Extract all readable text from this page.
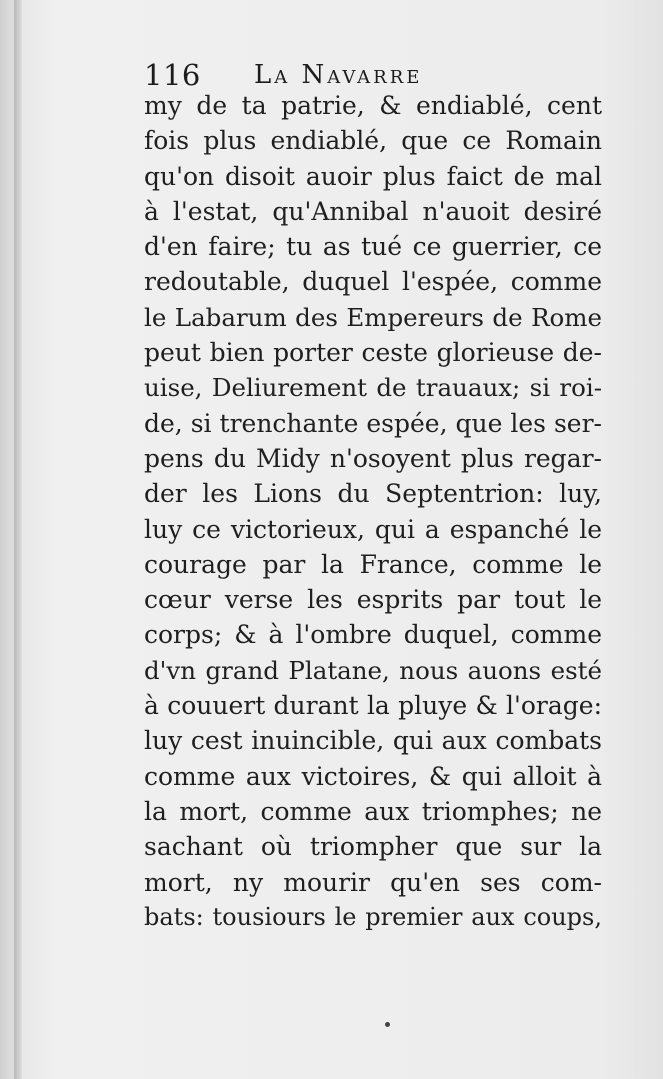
116 La Navarre
my de ta patrie, & endiablé, cent
fois plus endiablé, que ce Romain
qu'on disoit auoir plus faict de mal
à l'estat, qu'Annibal n'auoit desiré
d'en faire; tu as tué ce guerrier, ce
redoutable, duquel l'espée, comme
le Labarum des Empereurs de Rome
peut bien porter ceste glorieuse de-
uise, Deliurement de trauaux; si roi-
de, si trenchante espée, que les ser-
pens du Midy n'osoyent plus regar-
der les Lions du Septentrion: luy,
luy ce victorieux, qui a espanché le
courage par la France, comme le
cœur verse les esprits par tout le
corps; & à l'ombre duquel, comme
d'vn grand Platane, nous auons esté
à couuert durant la pluye & l'orage:
luy cest inuincible, qui aux combats
comme aux victoires, & qui alloit à
la mort, comme aux triomphes; ne
sachant où triompher que sur la
mort, ny mourir qu'en ses com-
bats: tousiours le premier aux coups,
